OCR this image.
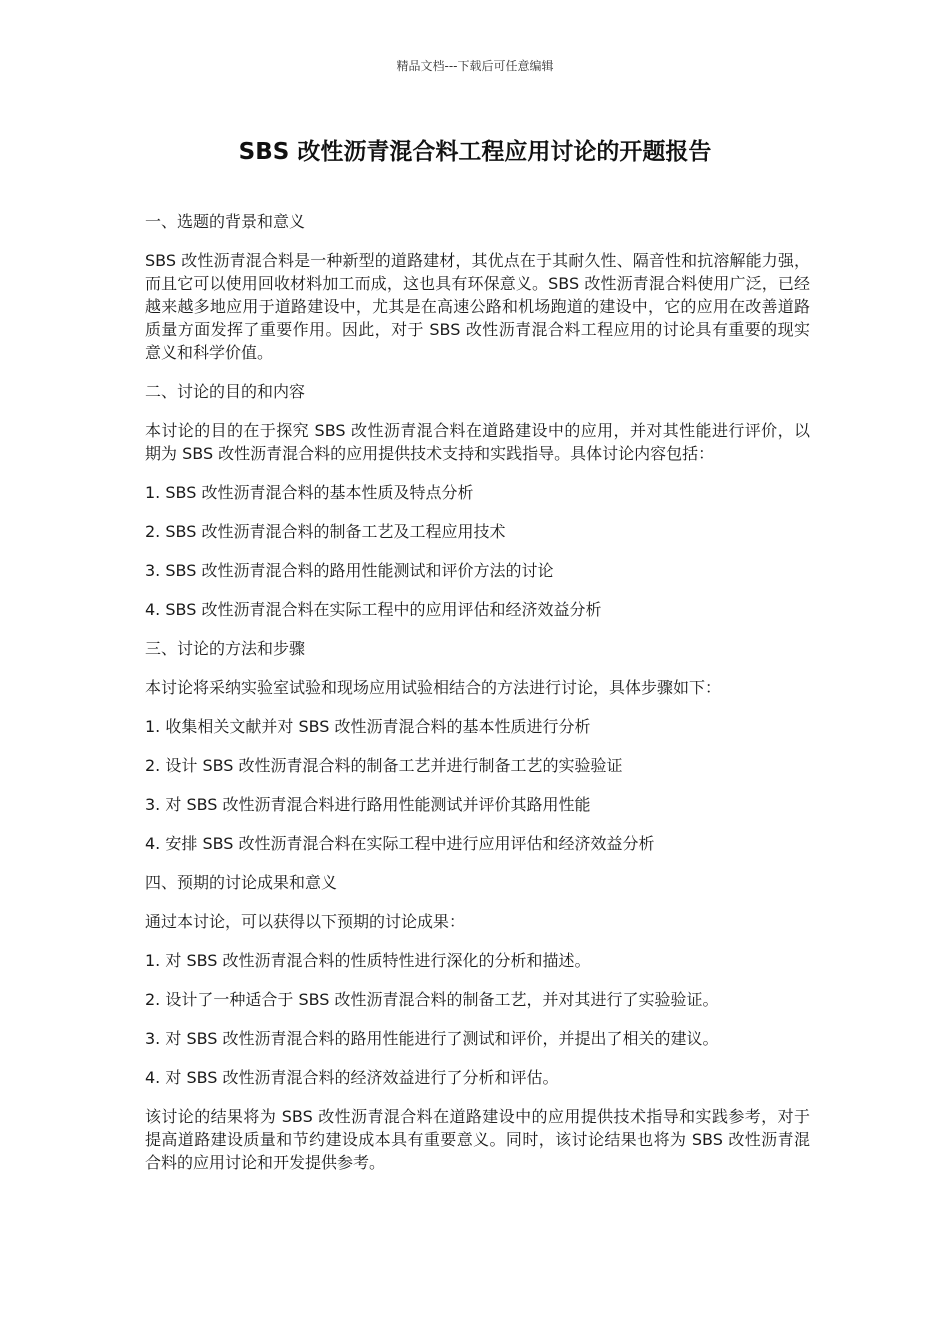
精品文档---下载后可任意编辑
SBS 改性沥青混合料工程应用讨论的开题报告

一、选题的背景和意义

SBS 改性沥青混合料是一种新型的道路建材，其优点在于其耐久性、隔音性和抗溶解能力强，而且它可以使用回收材料加工而成，这也具有环保意义。SBS 改性沥青混合料使用广泛，已经越来越多地应用于道路建设中，尤其是在高速公路和机场跑道的建设中，它的应用在改善道路质量方面发挥了重要作用。因此，对于 SBS 改性沥青混合料工程应用的讨论具有重要的现实意义和科学价值。

二、讨论的目的和内容

本讨论的目的在于探究 SBS 改性沥青混合料在道路建设中的应用，并对其性能进行评价，以期为 SBS 改性沥青混合料的应用提供技术支持和实践指导。具体讨论内容包括：

1. SBS 改性沥青混合料的基本性质及特点分析

2. SBS 改性沥青混合料的制备工艺及工程应用技术

3. SBS 改性沥青混合料的路用性能测试和评价方法的讨论

4. SBS 改性沥青混合料在实际工程中的应用评估和经济效益分析

三、讨论的方法和步骤

本讨论将采纳实验室试验和现场应用试验相结合的方法进行讨论，具体步骤如下：

1. 收集相关文献并对 SBS 改性沥青混合料的基本性质进行分析

2. 设计 SBS 改性沥青混合料的制备工艺并进行制备工艺的实验验证

3. 对 SBS 改性沥青混合料进行路用性能测试并评价其路用性能

4. 安排 SBS 改性沥青混合料在实际工程中进行应用评估和经济效益分析

四、预期的讨论成果和意义

通过本讨论，可以获得以下预期的讨论成果：

1. 对 SBS 改性沥青混合料的性质特性进行深化的分析和描述。

2. 设计了一种适合于 SBS 改性沥青混合料的制备工艺，并对其进行了实验验证。

3. 对 SBS 改性沥青混合料的路用性能进行了测试和评价，并提出了相关的建议。

4. 对 SBS 改性沥青混合料的经济效益进行了分析和评估。

该讨论的结果将为 SBS 改性沥青混合料在道路建设中的应用提供技术指导和实践参考，对于提高道路建设质量和节约建设成本具有重要意义。同时，该讨论结果也将为 SBS 改性沥青混合料的应用讨论和开发提供参考。
